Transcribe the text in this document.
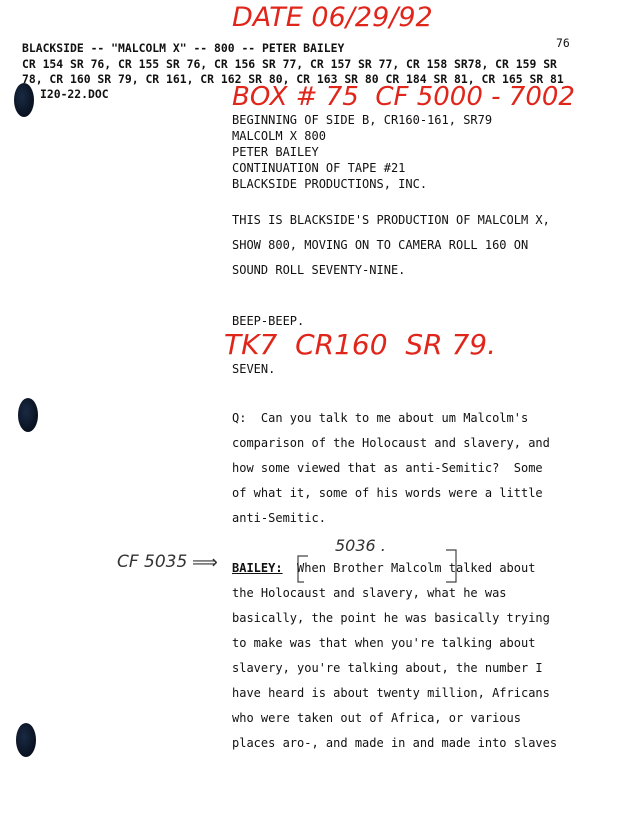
DATE 06/29/92
BOX # 75  CF 5000 - 7002
TK7  CR160  SR 79.
BLACKSIDE -- "MALCOLM X" -- 800 -- PETER BAILEY	76
CR 154 SR 76, CR 155 SR 76, CR 156 SR 77, CR 157 SR 77, CR 158 SR78, CR 159 SR
78, CR 160 SR 79, CR 161, CR 162 SR 80, CR 163 SR 80 CR 184 SR 81, CR 165 SR 81
I20-22.DOC
BEGINNING OF SIDE B, CR160-161, SR79
MALCOLM X 800
PETER BAILEY
CONTINUATION OF TAPE #21
BLACKSIDE PRODUCTIONS, INC.
THIS IS BLACKSIDE'S PRODUCTION OF MALCOLM X,
SHOW 800, MOVING ON TO CAMERA ROLL 160 ON
SOUND ROLL SEVENTY-NINE.
BEEP-BEEP.
SEVEN.
Q:  Can you talk to me about um Malcolm's
comparison of the Holocaust and slavery, and
how some viewed that as anti-Semitic?  Some
of what it, some of his words were a little
anti-Semitic.
CF 5035 ⟹
5036 .
BAILEY: When Brother Malcolm talked about
the Holocaust and slavery, what he was
basically, the point he was basically trying
to make was that when you're talking about
slavery, you're talking about, the number I
have heard is about twenty million, Africans
who were taken out of Africa, or various
places aro-, and made in and made into slaves
